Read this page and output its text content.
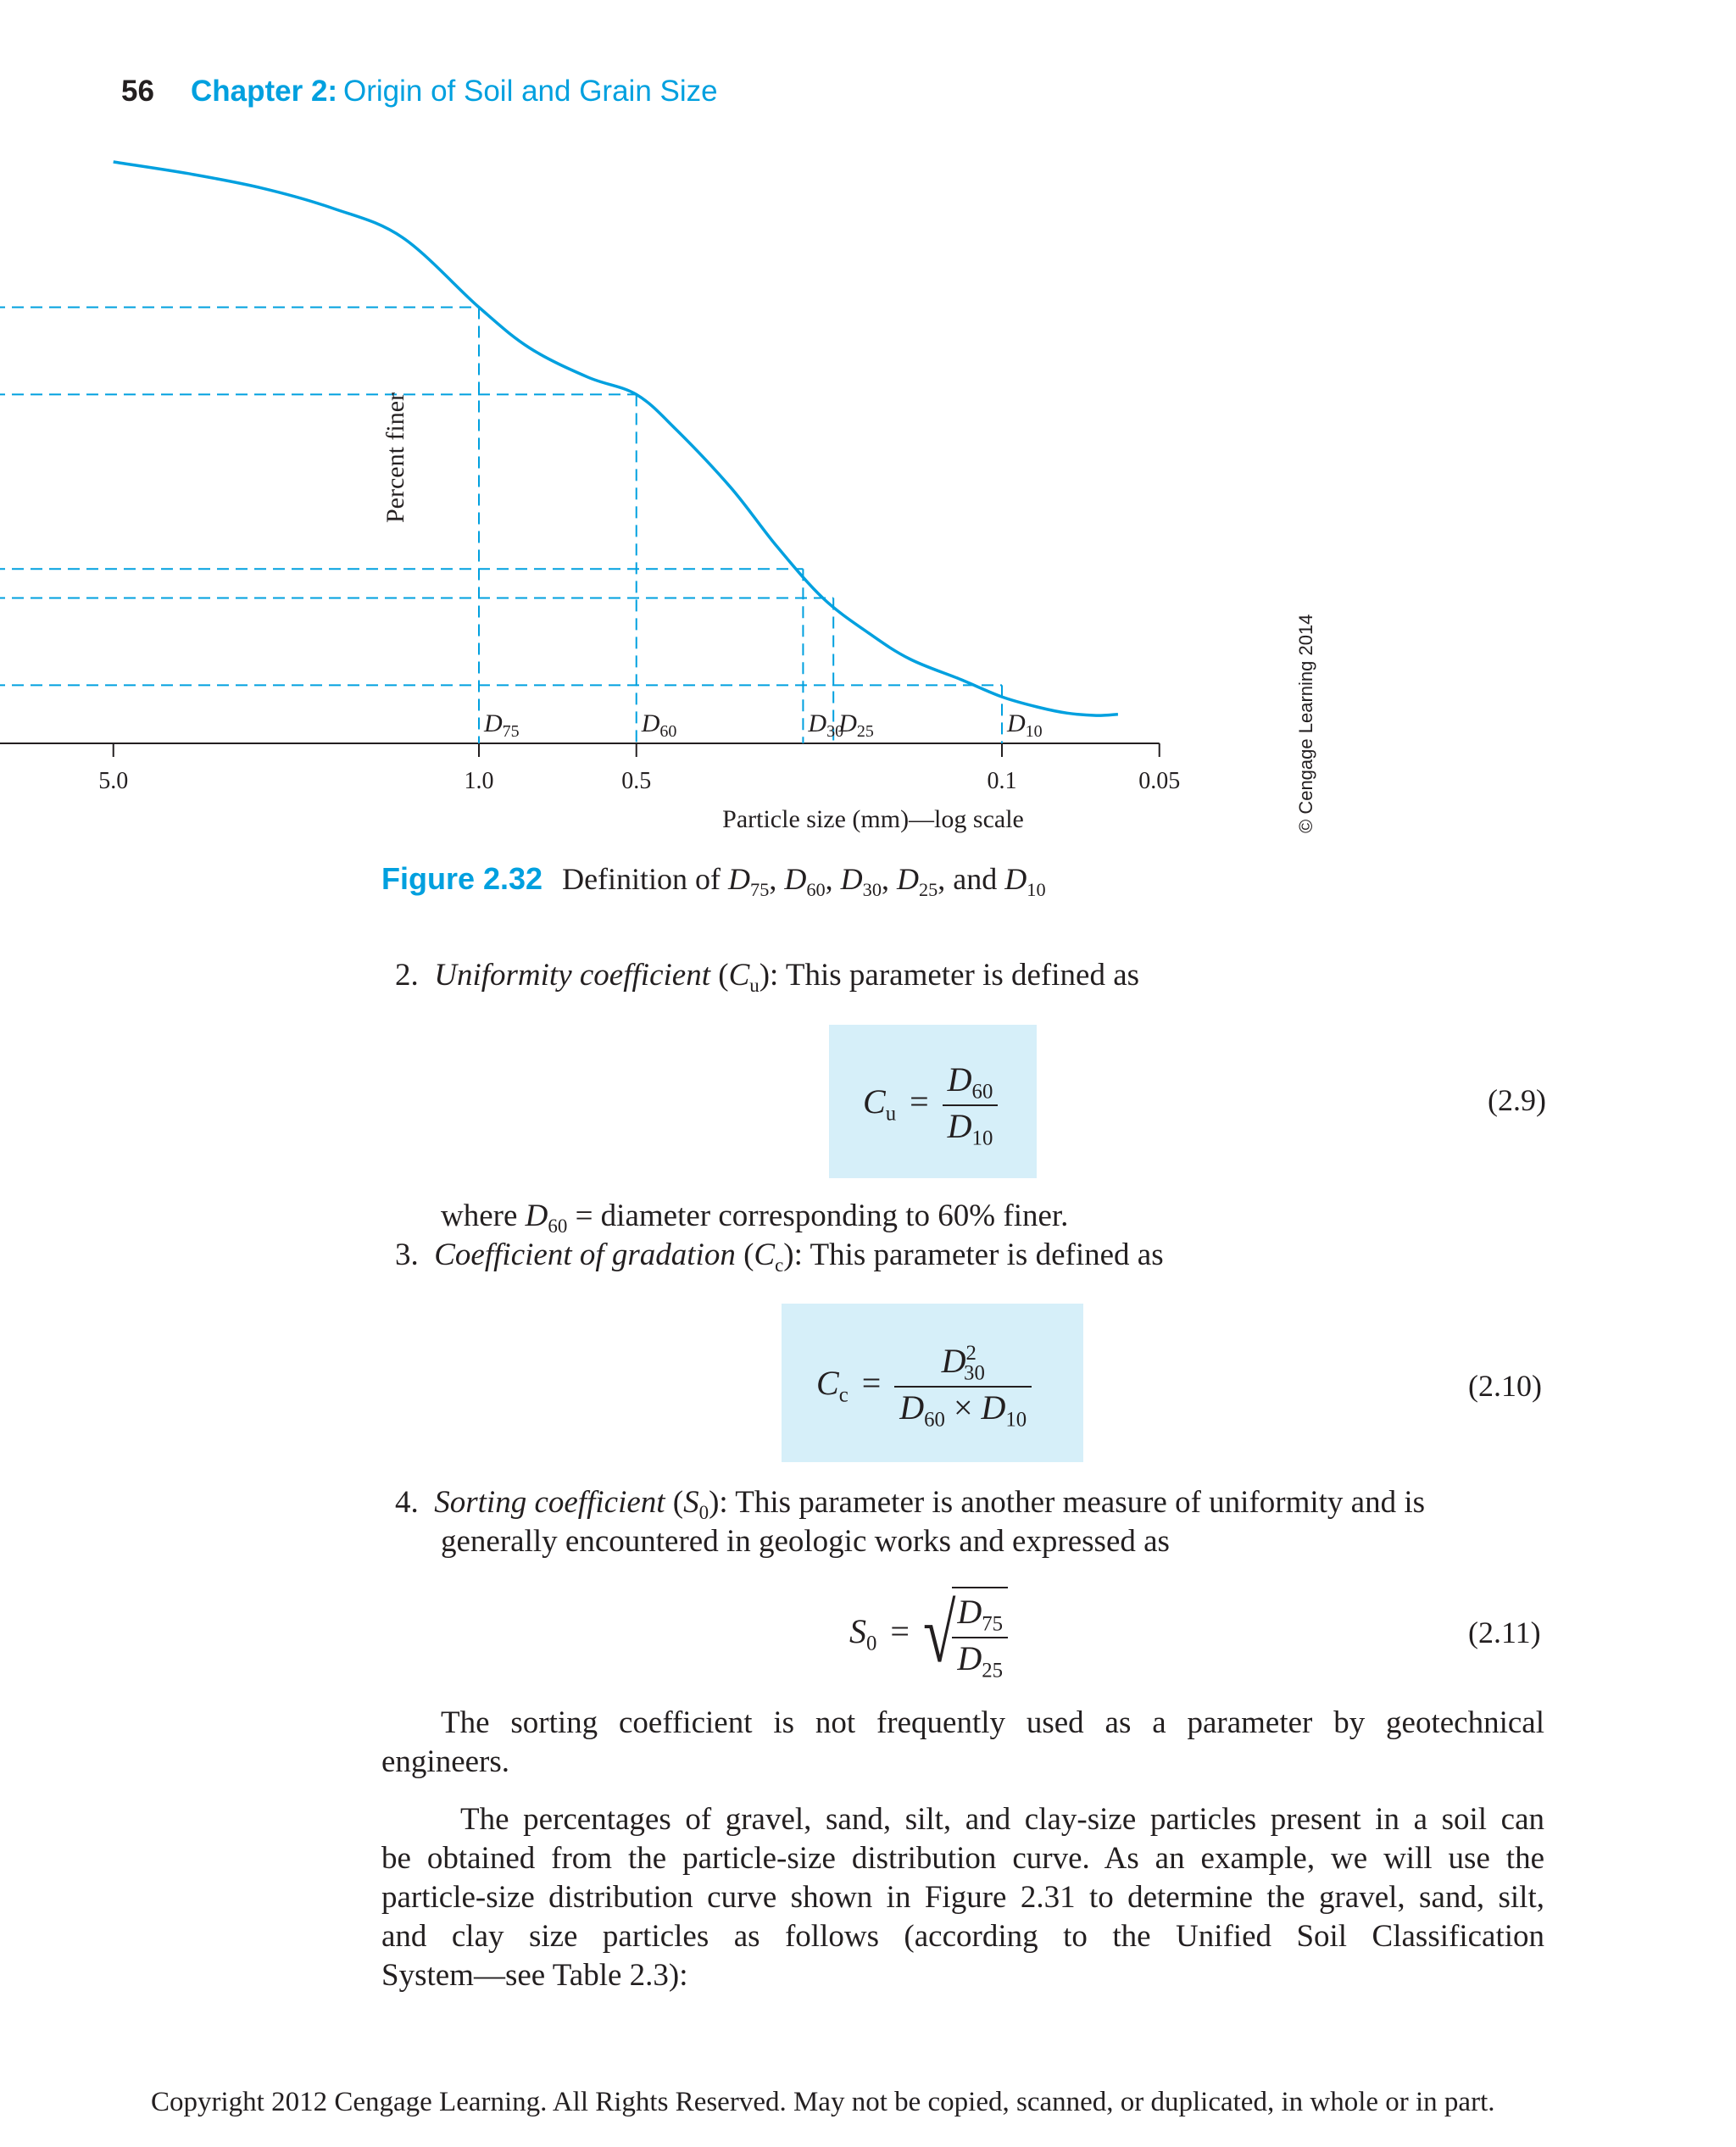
56 Chapter 2: Origin of Soil and Grain Size
5.0	1.0	0.5	0.1	0.05
$D_{75}$	$D_{60}$	$D_{30}$
$D_{25}$	$D_{10}$
Percent finer
Particle size (mm)—log scale	© Cengage Learning 2014
Figure 2.32 Definition of $D_{75}$, $D_{60}$, $D_{30}$, $D_{25}$, and $D_{10}$
2.  Uniformity coefficient $(C_u)$: This parameter is defined as
$C_u = \frac{D_{60}}{D_{10}}$	(2.9)
where $D_{60}$ = diameter corresponding to 60% finer.
3.  Coefficient of gradation $(C_c)$: This parameter is defined as
$C_c = \frac{D^2_{30}}{D_{60} \times D_{10}}$	(2.10)
4.  Sorting coefficient $(S_0)$: This parameter is another measure of uniformity and is
generally encountered in geologic works and expressed as
$S_0$ = √
$\frac{D_{75}}{D_{25}}$	(2.11)
The sorting coefficient is not frequently used as a parameter by geotechnical
engineers.
The percentages of gravel, sand, silt, and clay-size particles present in a soil can
be obtained from the particle-size distribution curve. As an example, we will use the
particle-size distribution curve shown in Figure 2.31 to determine the gravel, sand, silt,
and clay size particles as follows (according to the Unified Soil Classification
System—see Table 2.3):
Copyright 2012 Cengage Learning. All Rights Reserved. May not be copied, scanned, or duplicated, in whole or in part.
